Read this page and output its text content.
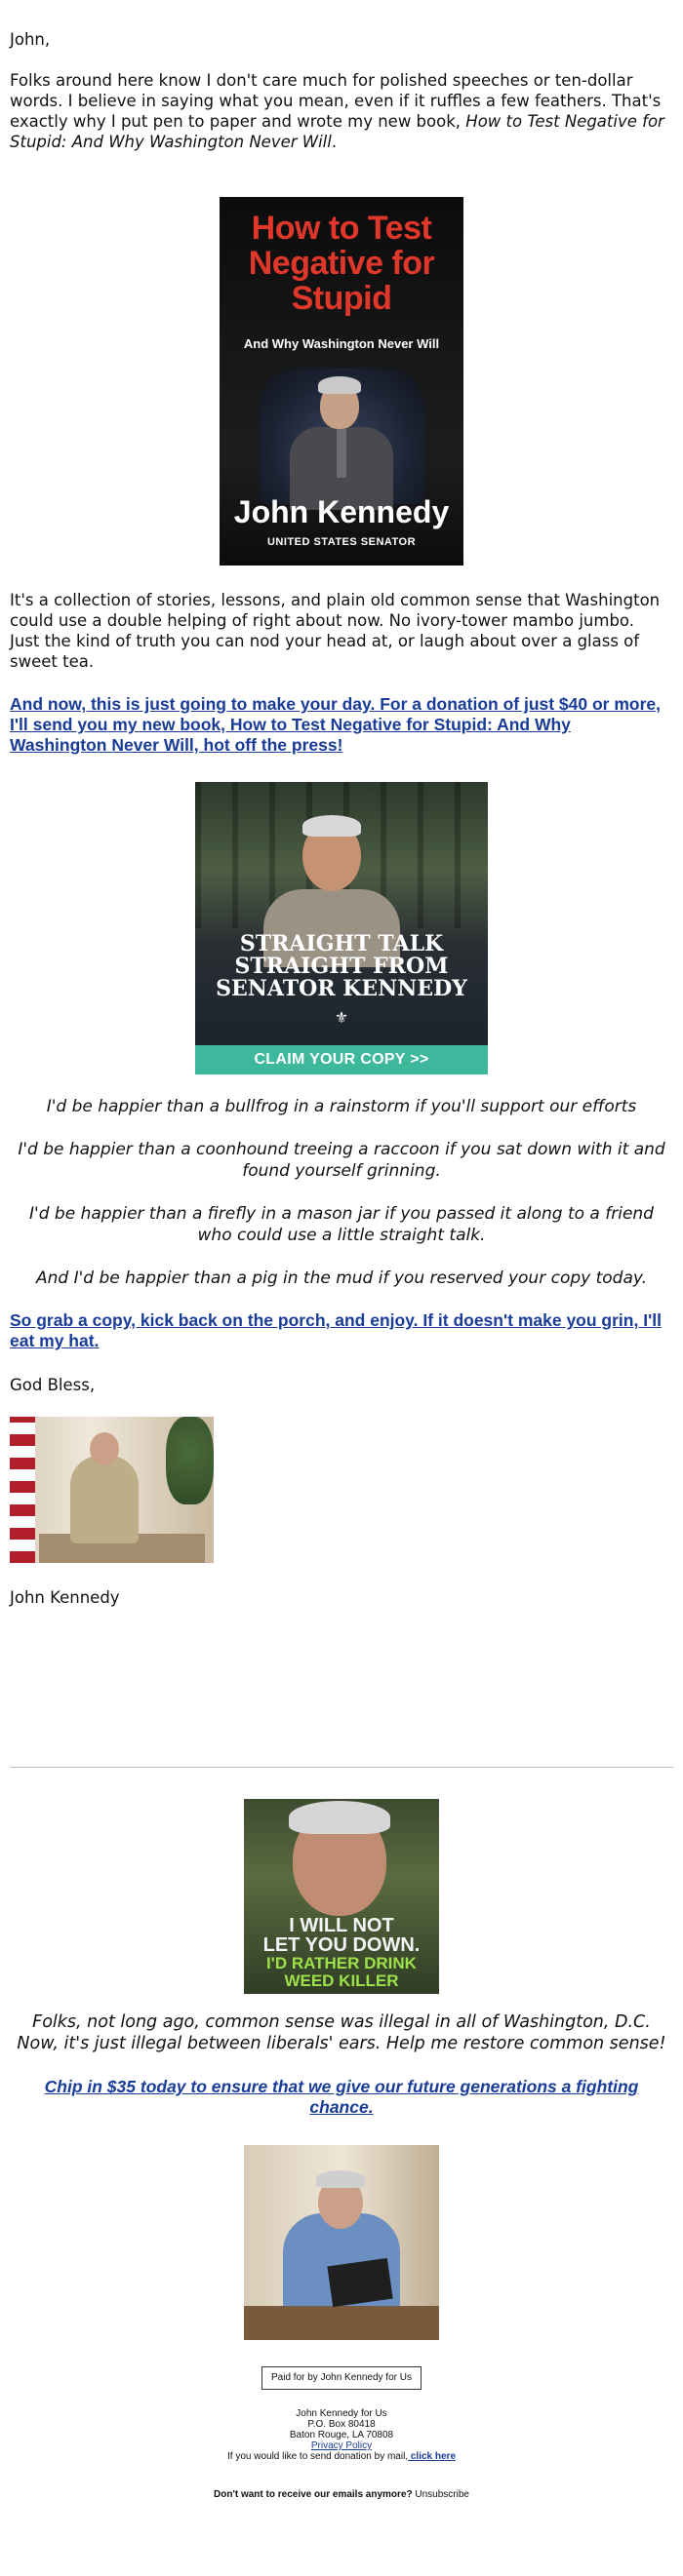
John,

Folks around here know I don't care much for polished speeches or ten-dollar words. I believe in saying what you mean, even if it ruffles a few feathers. That's exactly why I put pen to paper and wrote my new book, How to Test Negative for Stupid: And Why Washington Never Will.

How to Test Negative for Stupid
And Why Washington Never Will
John Kennedy
UNITED STATES SENATOR

It's a collection of stories, lessons, and plain old common sense that Washington could use a double helping of right about now. No ivory-tower mambo jumbo. Just the kind of truth you can nod your head at, or laugh about over a glass of sweet tea.

And now, this is just going to make your day. For a donation of just $40 or more, I'll send you my new book, How to Test Negative for Stupid: And Why Washington Never Will, hot off the press!
STRAIGHT TALK
STRAIGHT FROM
SENATOR KENNEDY
⚜
CLAIM YOUR COPY >>

I'd be happier than a bullfrog in a rainstorm if you'll support our efforts

I'd be happier than a coonhound treeing a raccoon if you sat down with it and found yourself grinning.

I'd be happier than a firefly in a mason jar if you passed it along to a friend who could use a little straight talk.

And I'd be happier than a pig in the mud if you reserved your copy today.

So grab a copy, kick back on the porch, and enjoy. If it doesn't make you grin, I'll eat my hat.

God Bless,

John Kennedy

I WILL NOT
LET YOU DOWN.
I'D RATHER DRINK
WEED KILLER

Folks, not long ago, common sense was illegal in all of Washington, D.C. Now, it's just illegal between liberals' ears. Help me restore common sense!

Chip in $35 today to ensure that we give our future generations a fighting chance.
Paid for by John Kennedy for Us
John Kennedy for Us
P.O. Box 80418
Baton Rouge, LA 70808
Privacy Policy
If you would like to send donation by mail, click here
Don't want to receive our emails anymore? Unsubscribe
